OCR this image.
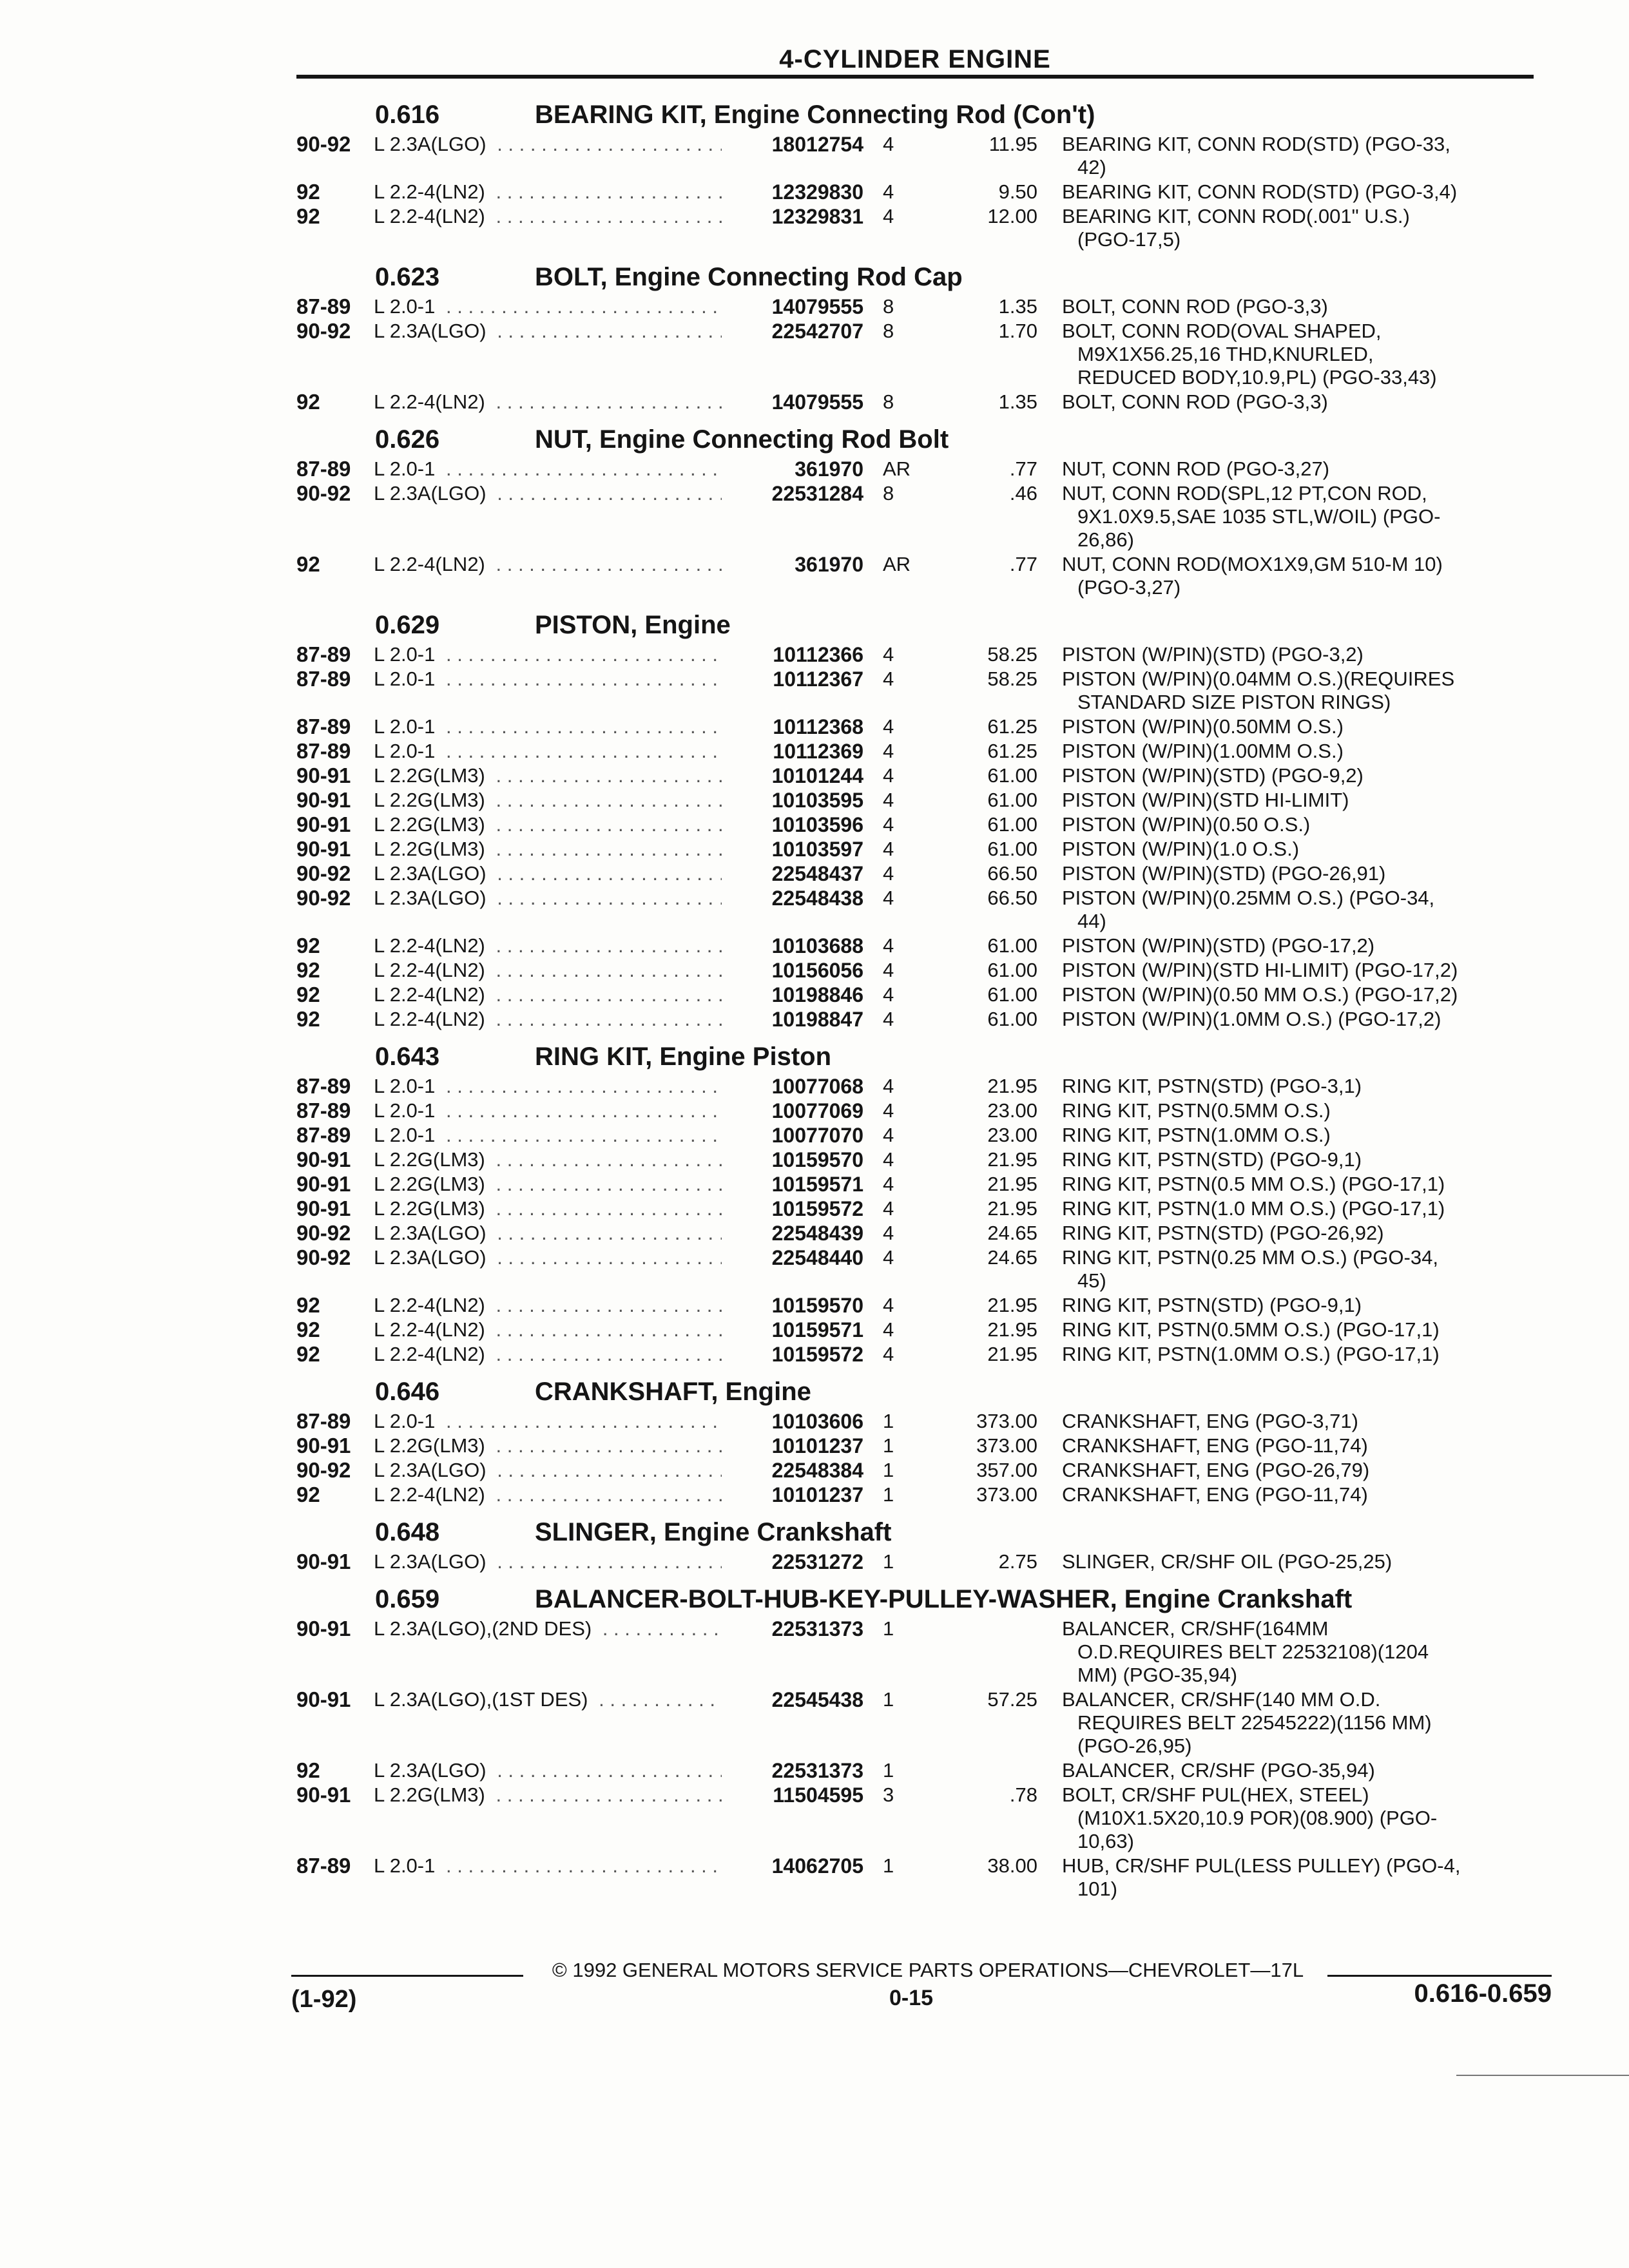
4-CYLINDER ENGINE
0.616	BEARING KIT, Engine Connecting Rod (Con't)
90-92 L 2.3A(LGO) . . .	18012754 4	11.95 BEARING KIT, CONN ROD(STD) (PGO-33,
42)
92	L 2.2-4(LN2) . . .	12329830 4	9.50 BEARING KIT, CONN ROD(STD) (PGO-3,4)
92	L 2.2-4(LN2) . . .	12329831 4	12.00 BEARING KIT, CONN ROD(.001" U.S.)
(PGO-17,5)
0.623	BOLT, Engine Connecting Rod Cap
87-89 L 2.0-1 . . .	14079555 8	1.35 BOLT, CONN ROD (PGO-3,3)
90-92 L 2.3A(LGO) . . .	22542707 8	1.70 BOLT, CONN ROD(OVAL SHAPED,
M9X1X56.25,16 THD,KNURLED,
REDUCED BODY,10.9,PL) (PGO-33,43)
92	L 2.2-4(LN2) . . .	14079555 8	1.35 BOLT, CONN ROD (PGO-3,3)
0.626	NUT, Engine Connecting Rod Bolt
87-89 L 2.0-1 . . .	361970 AR	.77 NUT, CONN ROD (PGO-3,27)
90-92 L 2.3A(LGO) . . .	22531284 8	.46 NUT, CONN ROD(SPL,12 PT,CON ROD,
9X1.0X9.5,SAE 1035 STL,W/OIL) (PGO-
26,86)
92	L 2.2-4(LN2) . . .	361970 AR	.77 NUT, CONN ROD(MOX1X9,GM 510-M 10)
(PGO-3,27)
0.629	PISTON, Engine
87-89 L 2.0-1 . . .	10112366 4	58.25 PISTON (W/PIN)(STD) (PGO-3,2)
87-89 L 2.0-1 . . .	10112367 4	58.25 PISTON (W/PIN)(0.04MM O.S.)(REQUIRES
STANDARD SIZE PISTON RINGS)
87-89 L 2.0-1 . . .	10112368 4	61.25 PISTON (W/PIN)(0.50MM O.S.)
87-89 L 2.0-1 . . .	10112369 4	61.25 PISTON (W/PIN)(1.00MM O.S.)
90-91 L 2.2G(LM3) . . .	10101244 4	61.00 PISTON (W/PIN)(STD) (PGO-9,2)
90-91 L 2.2G(LM3) . . .	10103595 4	61.00 PISTON (W/PIN)(STD HI-LIMIT)
90-91 L 2.2G(LM3) . . .	10103596 4	61.00 PISTON (W/PIN)(0.50 O.S.)
90-91 L 2.2G(LM3) . . .	10103597 4	61.00 PISTON (W/PIN)(1.0 O.S.)
90-92 L 2.3A(LGO) . . .	22548437 4	66.50 PISTON (W/PIN)(STD) (PGO-26,91)
90-92 L 2.3A(LGO) . . .	22548438 4	66.50 PISTON (W/PIN)(0.25MM O.S.) (PGO-34,
44)
92	L 2.2-4(LN2) . . .	10103688 4	61.00 PISTON (W/PIN)(STD) (PGO-17,2)
92	L 2.2-4(LN2) . . .	10156056 4	61.00 PISTON (W/PIN)(STD HI-LIMIT) (PGO-17,2)
92	L 2.2-4(LN2) . . .	10198846 4	61.00 PISTON (W/PIN)(0.50 MM O.S.) (PGO-17,2)
92	L 2.2-4(LN2) . . .	10198847 4	61.00 PISTON (W/PIN)(1.0MM O.S.) (PGO-17,2)
0.643	RING KIT, Engine Piston
87-89 L 2.0-1 . . .	10077068 4	21.95 RING KIT, PSTN(STD) (PGO-3,1)
87-89 L 2.0-1 . . .	10077069 4	23.00 RING KIT, PSTN(0.5MM O.S.)
87-89 L 2.0-1 . . .	10077070 4	23.00 RING KIT, PSTN(1.0MM O.S.)
90-91 L 2.2G(LM3) . . .	10159570 4	21.95 RING KIT, PSTN(STD) (PGO-9,1)
90-91 L 2.2G(LM3) . . .	10159571 4	21.95 RING KIT, PSTN(0.5 MM O.S.) (PGO-17,1)
90-91 L 2.2G(LM3) . . .	10159572 4	21.95 RING KIT, PSTN(1.0 MM O.S.) (PGO-17,1)
90-92 L 2.3A(LGO) . . .	22548439 4	24.65 RING KIT, PSTN(STD) (PGO-26,92)
90-92 L 2.3A(LGO) . . .	22548440 4	24.65 RING KIT, PSTN(0.25 MM O.S.) (PGO-34,
45)
92	L 2.2-4(LN2) . . .	10159570 4	21.95 RING KIT, PSTN(STD) (PGO-9,1)
92	L 2.2-4(LN2) . . .	10159571 4	21.95 RING KIT, PSTN(0.5MM O.S.) (PGO-17,1)
92	L 2.2-4(LN2) . . .	10159572 4	21.95 RING KIT, PSTN(1.0MM O.S.) (PGO-17,1)
0.646	CRANKSHAFT, Engine
87-89 L 2.0-1 . . .	10103606 1	373.00 CRANKSHAFT, ENG (PGO-3,71)
90-91 L 2.2G(LM3) . . .	10101237 1	373.00 CRANKSHAFT, ENG (PGO-11,74)
90-92 L 2.3A(LGO) . . .	22548384 1	357.00 CRANKSHAFT, ENG (PGO-26,79)
92	L 2.2-4(LN2) . . .	10101237 1	373.00 CRANKSHAFT, ENG (PGO-11,74)
0.648	SLINGER, Engine Crankshaft
90-91 L 2.3A(LGO) . . .	22531272 1	2.75 SLINGER, CR/SHF OIL (PGO-25,25)
0.659	BALANCER-BOLT-HUB-KEY-PULLEY-WASHER, Engine Crankshaft
90-91 L 2.3A(LGO),(2ND DES) . . .	22531373 1	BALANCER, CR/SHF(164MM
O.D.REQUIRES BELT 22532108)(1204
MM) (PGO-35,94)
90-91 L 2.3A(LGO),(1ST DES) . . .	22545438 1	57.25 BALANCER, CR/SHF(140 MM O.D.
REQUIRES BELT 22545222)(1156 MM)
(PGO-26,95)
92	L 2.3A(LGO) . . .	22531373 1	BALANCER, CR/SHF (PGO-35,94)
90-91 L 2.2G(LM3) . . .	11504595 3	.78 BOLT, CR/SHF PUL(HEX, STEEL)
(M10X1.5X20,10.9 POR)(08.900) (PGO-
10,63)
87-89 L 2.0-1 . . .	14062705 1	38.00 HUB, CR/SHF PUL(LESS PULLEY) (PGO-4,
101)
© 1992 GENERAL MOTORS SERVICE PARTS OPERATIONS—CHEVROLET—17L
(1-92)	0-15	0.616-0.659
